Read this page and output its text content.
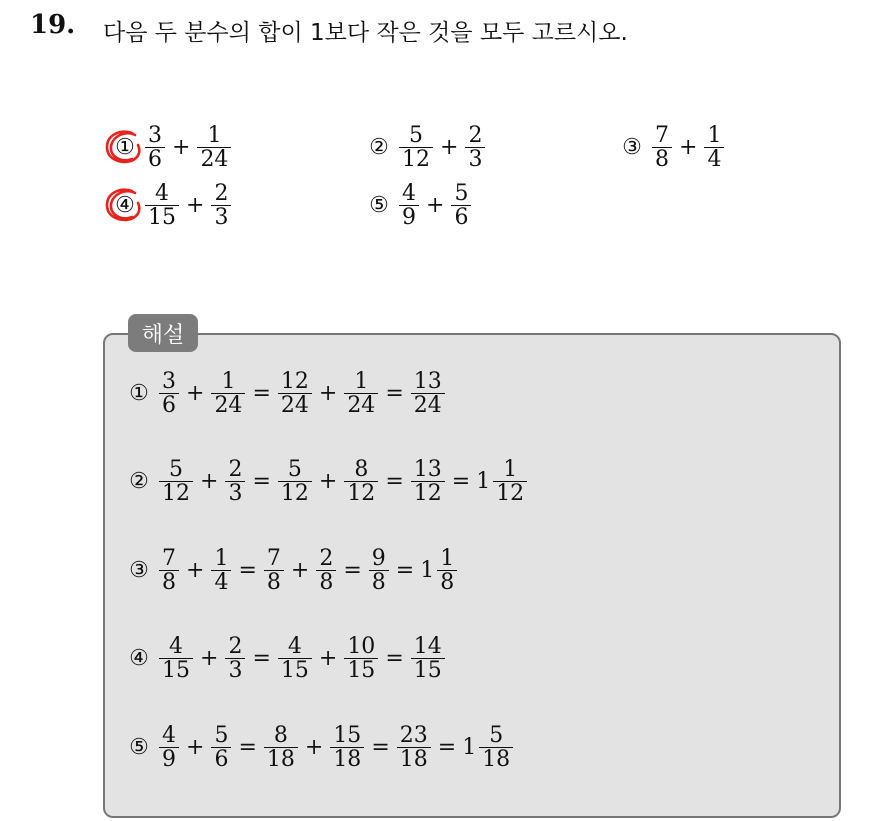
19. 다음 두 분수의 합이 1보다 작은 것을 모두 고르시오.
① $\frac{3}{6} + \frac{1}{24}$	② $\frac{5}{12} + \frac{2}{3}$	③ $\frac{7}{8} + \frac{1}{4}$
④ $\frac{4}{15} + \frac{2}{3}$	⑤ $\frac{4}{9} + \frac{5}{6}$
해설
① $\frac{3}{6} + \frac{1}{24} = \frac{12}{24} + \frac{1}{24} = \frac{13}{24}$
② $\frac{5}{12} + \frac{2}{3} = \frac{5}{12} + \frac{8}{12} = \frac{13}{12} = 1 \frac{1}{12}$
③ $\frac{7}{8} + \frac{1}{4} = \frac{7}{8} + \frac{2}{8} = \frac{9}{8} = 1 \frac{1}{8}$
④ $\frac{4}{15} + \frac{2}{3} = \frac{4}{15} + \frac{10}{15} = \frac{14}{15}$
⑤ $\frac{4}{9} + \frac{5}{6} = \frac{8}{18} + \frac{15}{18} = \frac{23}{18} = 1 \frac{5}{18}$
